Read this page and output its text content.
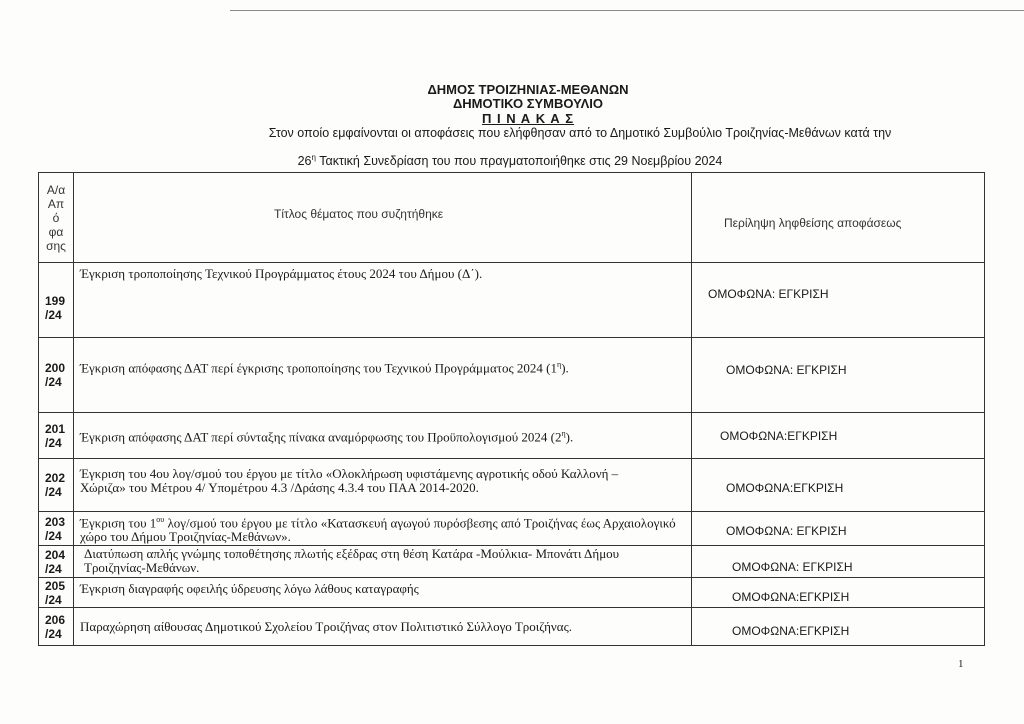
ΔΗΜΟΣ ΤΡΟΙΖΗΝΙΑΣ-ΜΕΘΑΝΩΝ
ΔΗΜΟΤΙΚΟ ΣΥΜΒΟΥΛΙΟ
Π Ι Ν Α Κ Α Σ
Στον οποίο εμφαίνονται οι αποφάσεις που ελήφθησαν από το Δημοτικό Συμβούλιο Τροιζηνίας-Μεθάνων κατά την
$26^\eta$ Τακτική Συνεδρίαση του που πραγματοποιήθηκε στις 29 Νοεμβρίου 2024
Α/α
Απ
ό
φα
σης	Τίτλος θέματος που συζητήθηκε	Περίληψη ληφθείσης αποφάσεως

199
/24	Έγκριση τροποποίησης Τεχνικού Προγράμματος έτους 2024 του Δήμου (Δ΄).	ΟΜΟΦΩΝΑ: ΕΓΚΡΙΣΗ

200
/24	Έγκριση απόφασης ΔΑΤ περί έγκρισης τροποποίησης του Τεχνικού Προγράμματος 2024 $(1^\eta)$.	ΟΜΟΦΩΝΑ: ΕΓΚΡΙΣΗ

201
/24	Έγκριση απόφασης ΔΑΤ περί σύνταξης πίνακα αναμόρφωσης του Προϋπολογισμού 2024 $(2^\eta)$.	ΟΜΟΦΩΝΑ:ΕΓΚΡΙΣΗ

202
/24	Έγκριση του 4ου λογ/σμού του έργου με τίτλο «Ολοκλήρωση υφιστάμενης αγροτικής οδού Καλλονή – Χώριζα» του Μέτρου 4/ Υπομέτρου 4.3 /Δράσης 4.3.4 του ΠΑΑ 2014-2020.	ΟΜΟΦΩΝΑ:ΕΓΚΡΙΣΗ

203
/24	Έγκριση του $1^{o\upsilon}$ λογ/σμού του έργου με τίτλο «Κατασκευή αγωγού πυρόσβεσης από Τροιζήνας έως Αρχαιολογικό χώρο του Δήμου Τροιζηνίας-Μεθάνων».	ΟΜΟΦΩΝΑ: ΕΓΚΡΙΣΗ

204
/24	Διατύπωση απλής γνώμης τοποθέτησης πλωτής εξέδρας στη θέση Κατάρα -Μούλκια- Μπονάτι Δήμου Τροιζηνίας-Μεθάνων.	ΟΜΟΦΩΝΑ: ΕΓΚΡΙΣΗ

205
/24	Έγκριση διαγραφής οφειλής ύδρευσης λόγω λάθους καταγραφής	ΟΜΟΦΩΝΑ:ΕΓΚΡΙΣΗ

206
/24	Παραχώρηση αίθουσας Δημοτικού Σχολείου Τροιζήνας στον Πολιτιστικό Σύλλογο Τροιζήνας.	ΟΜΟΦΩΝΑ:ΕΓΚΡΙΣΗ
1
